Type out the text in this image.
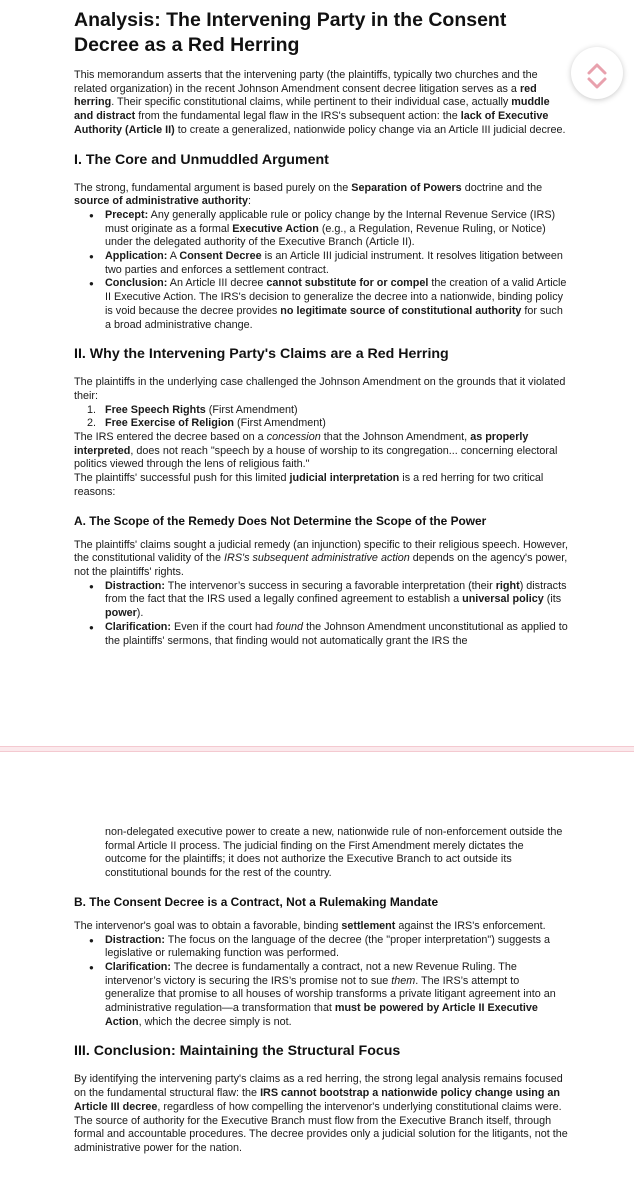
Analysis: The Intervening Party in the Consent Decree as a Red Herring

This memorandum asserts that the intervening party (the plaintiffs, typically two churches and the related organization) in the recent Johnson Amendment consent decree litigation serves as a red herring. Their specific constitutional claims, while pertinent to their individual case, actually muddle and distract from the fundamental legal flaw in the IRS's subsequent action: the lack of Executive Authority (Article II) to create a generalized, nationwide policy change via an Article III judicial decree.

I. The Core and Unmuddled Argument

The strong, fundamental argument is based purely on the Separation of Powers doctrine and the source of administrative authority:

● Precept: Any generally applicable rule or policy change by the Internal Revenue Service (IRS) must originate as a formal Executive Action (e.g., a Regulation, Revenue Ruling, or Notice) under the delegated authority of the Executive Branch (Article II).
● Application: A Consent Decree is an Article III judicial instrument. It resolves litigation between two parties and enforces a settlement contract.
● Conclusion: An Article III decree cannot substitute for or compel the creation of a valid Article II Executive Action. The IRS's decision to generalize the decree into a nationwide, binding policy is void because the decree provides no legitimate source of constitutional authority for such a broad administrative change.
II. Why the Intervening Party's Claims are a Red Herring

The plaintiffs in the underlying case challenged the Johnson Amendment on the grounds that it violated their:

1. Free Speech Rights (First Amendment)
2. Free Exercise of Religion (First Amendment)

The IRS entered the decree based on a concession that the Johnson Amendment, as properly interpreted, does not reach "speech by a house of worship to its congregation... concerning electoral politics viewed through the lens of religious faith."

The plaintiffs' successful push for this limited judicial interpretation is a red herring for two critical reasons:

A. The Scope of the Remedy Does Not Determine the Scope of the Power

The plaintiffs' claims sought a judicial remedy (an injunction) specific to their religious speech. However, the constitutional validity of the IRS's subsequent administrative action depends on the agency's power, not the plaintiffs' rights.

● Distraction: The intervenor’s success in securing a favorable interpretation (their right) distracts from the fact that the IRS used a legally confined agreement to establish a universal policy (its power).
● Clarification: Even if the court had found the Johnson Amendment unconstitutional as applied to the plaintiffs' sermons, that finding would not automatically grant the IRS the

non-delegated executive power to create a new, nationwide rule of non-enforcement outside the formal Article II process. The judicial finding on the First Amendment merely dictates the outcome for the plaintiffs; it does not authorize the Executive Branch to act outside its constitutional bounds for the rest of the country.

B. The Consent Decree is a Contract, Not a Rulemaking Mandate

The intervenor's goal was to obtain a favorable, binding settlement against the IRS's enforcement.

● Distraction: The focus on the language of the decree (the "proper interpretation") suggests a legislative or rulemaking function was performed.
● Clarification: The decree is fundamentally a contract, not a new Revenue Ruling. The intervenor’s victory is securing the IRS’s promise not to sue them. The IRS’s attempt to generalize that promise to all houses of worship transforms a private litigant agreement into an administrative regulation—a transformation that must be powered by Article II Executive Action, which the decree simply is not.
III. Conclusion: Maintaining the Structural Focus

By identifying the intervening party's claims as a red herring, the strong legal analysis remains focused on the fundamental structural flaw: the IRS cannot bootstrap a nationwide policy change using an Article III decree, regardless of how compelling the intervenor's underlying constitutional claims were. The source of authority for the Executive Branch must flow from the Executive Branch itself, through formal and accountable procedures. The decree provides only a judicial solution for the litigants, not the administrative power for the nation.
